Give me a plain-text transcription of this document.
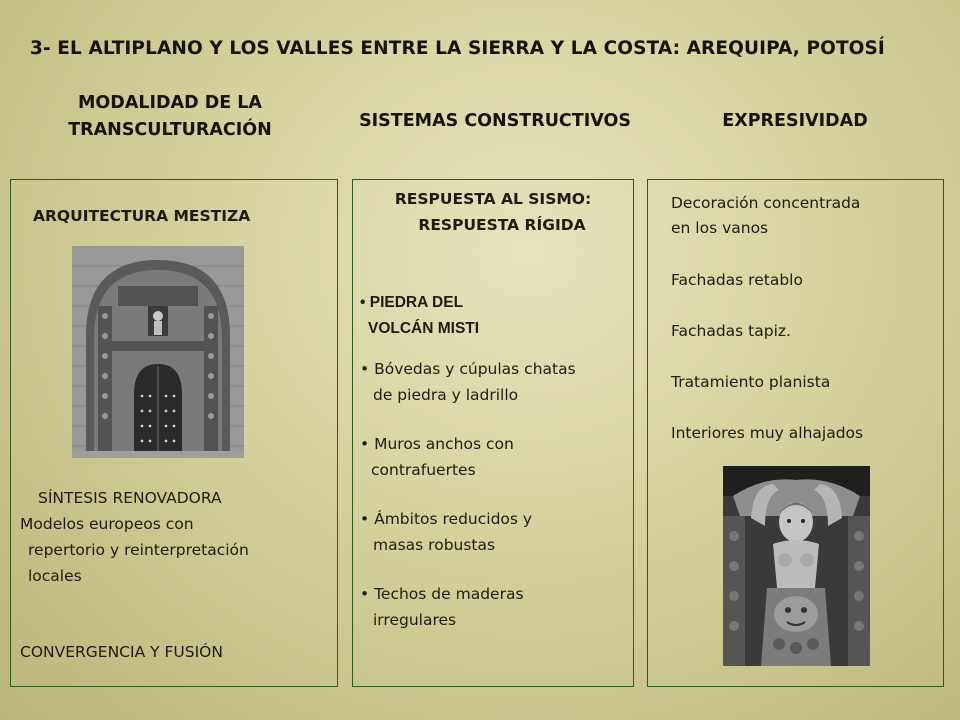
3- EL ALTIPLANO Y LOS VALLES ENTRE LA SIERRA Y LA COSTA: AREQUIPA, POTOSÍ
MODALIDAD DE LA
TRANSCULTURACIÓN	SISTEMAS CONSTRUCTIVOS	EXPRESIVIDAD
ARQUITECTURA MESTIZA
SÍNTESIS RENOVADORA
Modelos europeos con
repertorio y reinterpretación
locales
CONVERGENCIA Y FUSIÓN
RESPUESTA AL SISMO:
RESPUESTA RÍGIDA
• PIEDRA DEL
VOLCÁN MISTI
• Bóvedas y cúpulas chatas
de piedra y ladrillo
• Muros anchos con
contrafuertes
• Ámbitos reducidos y
masas robustas
• Techos de maderas
irregulares
Decoración concentrada
en los vanos
Fachadas retablo
Fachadas tapiz.
Tratamiento planista
Interiores muy alhajados
